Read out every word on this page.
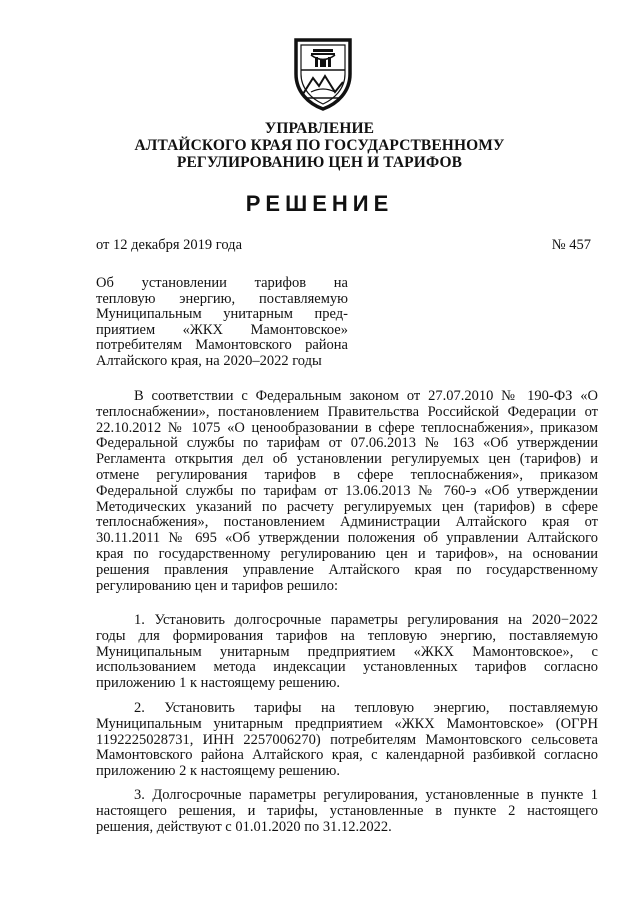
УПРАВЛЕНИЕ
АЛТАЙСКОГО КРАЯ ПО ГОСУДАРСТВЕННОМУ
РЕГУЛИРОВАНИЮ ЦЕН И ТАРИФОВ
РЕШЕНИЕ
от 12 декабря 2019 года	№ 457
Об установлении тарифов на
тепловую энергию, поставляемую
Муниципальным унитарным пред-
приятием «ЖКХ Мамонтовское»
потребителям Мамонтовского района
Алтайского края, на 2020–2022 годы
В соответствии с Федеральным законом от 27.07.2010 № 190-ФЗ «О
теплоснабжении», постановлением Правительства Российской Федерации от
22.10.2012 № 1075 «О ценообразовании в сфере теплоснабжения», приказом
Федеральной службы по тарифам от 07.06.2013 № 163 «Об утверждении
Регламента открытия дел об установлении регулируемых цен (тарифов) и
отмене регулирования тарифов в сфере теплоснабжения», приказом
Федеральной службы по тарифам от 13.06.2013 № 760-э «Об утверждении
Методических указаний по расчету регулируемых цен (тарифов) в сфере
теплоснабжения», постановлением Администрации Алтайского края от
30.11.2011 № 695 «Об утверждении положения об управлении Алтайского
края по государственному регулированию цен и тарифов», на основании
решения правления управление Алтайского края по государственному
регулированию цен и тарифов решило:
1. Установить долгосрочные параметры регулирования на 2020−2022
годы для формирования тарифов на тепловую энергию, поставляемую
Муниципальным унитарным предприятием «ЖКХ Мамонтовское», с
использованием метода индексации установленных тарифов согласно
приложению 1 к настоящему решению.
2. Установить тарифы на тепловую энергию, поставляемую
Муниципальным унитарным предприятием «ЖКХ Мамонтовское» (ОГРН
1192225028731, ИНН 2257006270) потребителям Мамонтовского сельсовета
Мамонтовского района Алтайского края, с календарной разбивкой согласно
приложению 2 к настоящему решению.
3. Долгосрочные параметры регулирования, установленные в пункте 1
настоящего решения, и тарифы, установленные в пункте 2 настоящего
решения, действуют с 01.01.2020 по 31.12.2022.
